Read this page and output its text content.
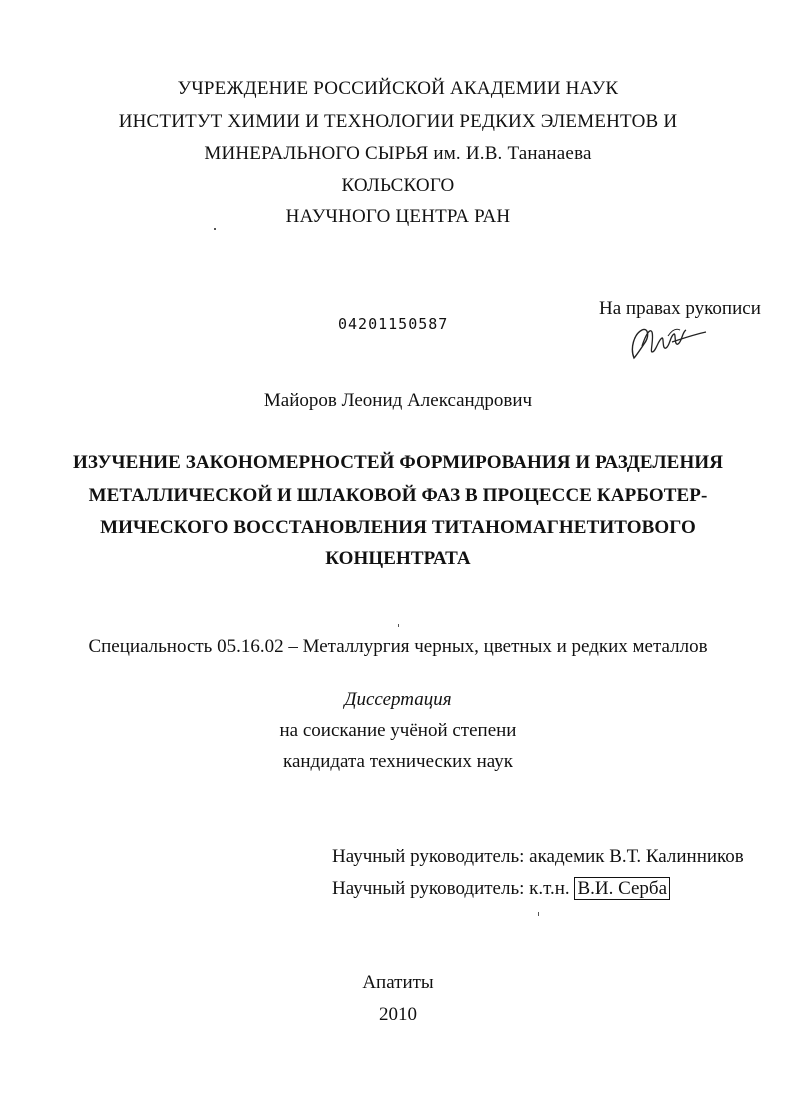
УЧРЕЖДЕНИЕ РОССИЙСКОЙ АКАДЕМИИ НАУК
ИНСТИТУТ ХИМИИ И ТЕХНОЛОГИИ РЕДКИХ ЭЛЕМЕНТОВ И
МИНЕРАЛЬНОГО СЫРЬЯ им. И.В. Тананаева
КОЛЬСКОГО
НАУЧНОГО ЦЕНТРА РАН
04201150587
На правах рукописи
Майоров Леонид Александрович
ИЗУЧЕНИЕ ЗАКОНОМЕРНОСТЕЙ ФОРМИРОВАНИЯ И РАЗДЕЛЕНИЯ
МЕТАЛЛИЧЕСКОЙ И ШЛАКОВОЙ ФАЗ В ПРОЦЕССЕ КАРБОТЕР-
МИЧЕСКОГО ВОССТАНОВЛЕНИЯ ТИТАНОМАГНЕТИТОВОГО
КОНЦЕНТРАТА
Специальность 05.16.02 – Металлургия черных, цветных и редких металлов
Диссертация
на соискание учёной степени
кандидата технических наук
Научный руководитель: академик В.Т. Калинников
Научный руководитель: к.т.н. В.И. Серба
Апатиты
2010
